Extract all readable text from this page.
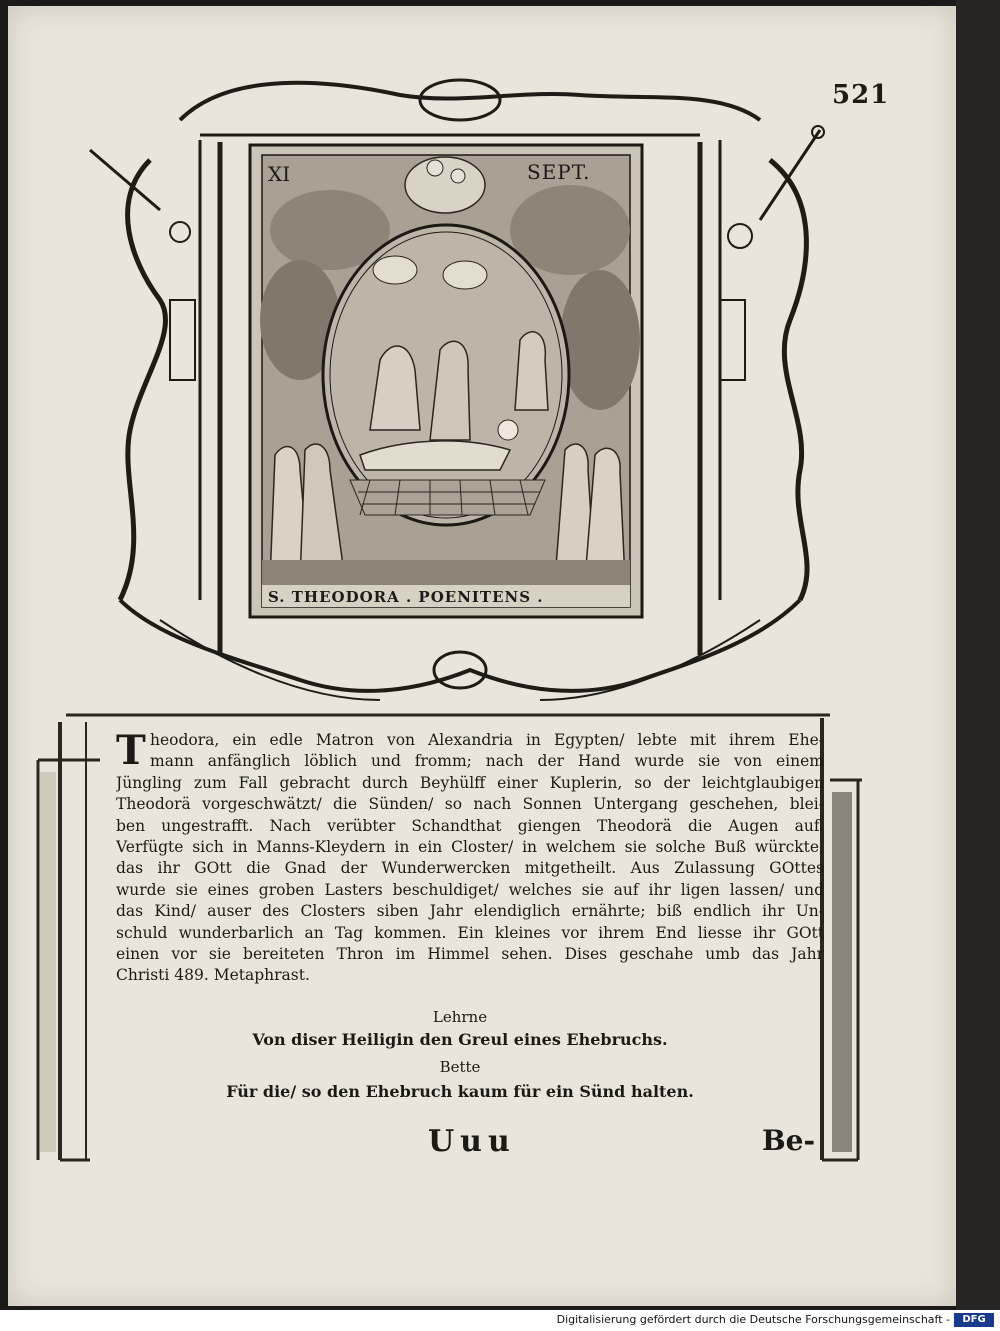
521
XI	SEPT.
S. THEODORA . POENITENS .
T heodora, ein edle Matron von Alexandria in Egypten/ lebte mit ihrem Ehe-
mann anfänglich löblich und fromm; nach der Hand wurde sie von einem
Jüngling zum Fall gebracht durch Beyhülff einer Kuplerin, so der leichtglaubigen
Theodorä vorgeschwätzt/ die Sünden/ so nach Sonnen Untergang geschehen, blei-
ben ungestrafft. Nach verübter Schandthat giengen Theodorä die Augen auf.
Verfügte sich in Manns-Kleydern in ein Closter/ in welchem sie solche Buß würckte,
das ihr GOtt die Gnad der Wunderwercken mitgetheilt. Aus Zulassung GOttes
wurde sie eines groben Lasters beschuldiget/ welches sie auf ihr ligen lassen/ und
das Kind/ auser des Closters siben Jahr elendiglich ernährte; biß endlich ihr Un-
schuld wunderbarlich an Tag kommen. Ein kleines vor ihrem End liesse ihr GOtt
einen vor sie bereiteten Thron im Himmel sehen. Dises geschahe umb das Jahr
Christi 489. Metaphrast.
Lehrne
Von diser Heiligin den Greul eines Ehebruchs.
Bette
Für die/ so den Ehebruch kaum für ein Sünd halten.
Uuu	Be-
Digitalisierung gefördert durch die Deutsche Forschungsgemeinschaft -	DFG
